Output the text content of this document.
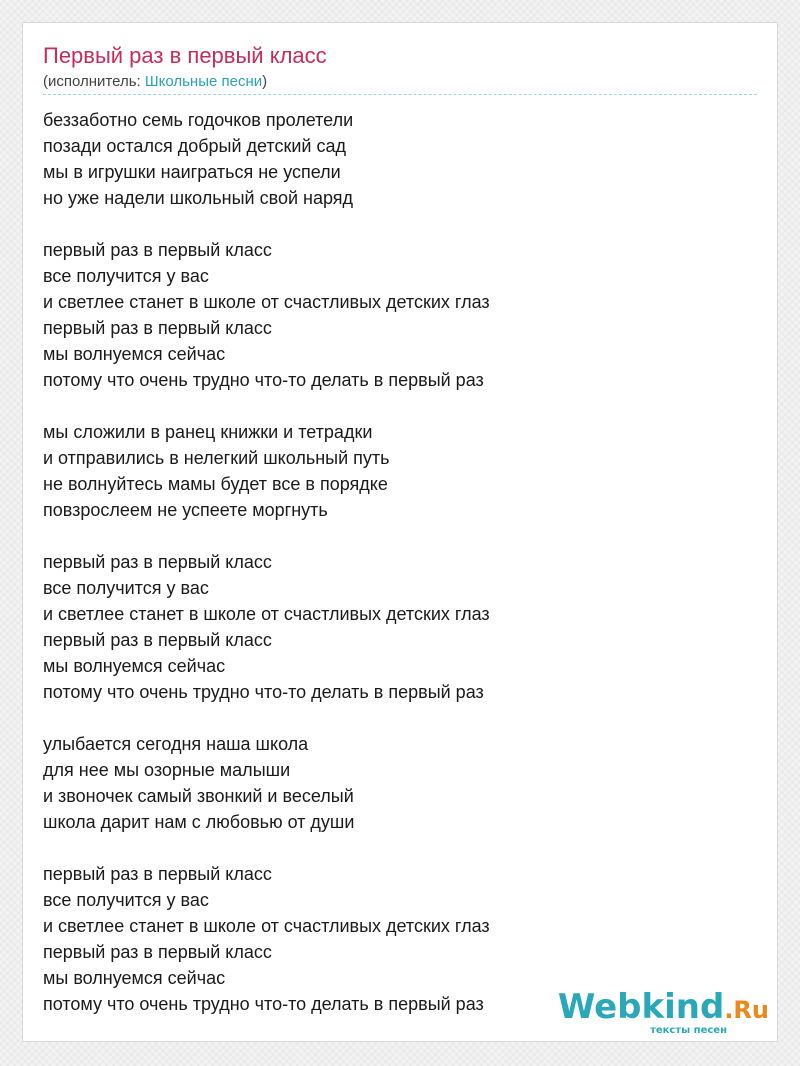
Первый раз в первый класс
(исполнитель: Школьные песни)
беззаботно семь годочков пролетели
позади остался добрый детский сад
мы в игрушки наиграться не успели
но уже надели школьный свой наряд
первый раз в первый класс
все получится у вас
и светлее станет в школе от счастливых детских глаз
первый раз в первый класс
мы волнуемся сейчас
потому что очень трудно что-то делать в первый раз
мы сложили в ранец книжки и тетрадки
и отправились в нелегкий школьный путь
не волнуйтесь мамы будет все в порядке
повзрослеем не успеете моргнуть
первый раз в первый класс
все получится у вас
и светлее станет в школе от счастливых детских глаз
первый раз в первый класс
мы волнуемся сейчас
потому что очень трудно что-то делать в первый раз
улыбается сегодня наша школа
для нее мы озорные малыши
и звоночек самый звонкий и веселый
школа дарит нам с любовью от души
первый раз в первый класс
все получится у вас
и светлее станет в школе от счастливых детских глаз
первый раз в первый класс
мы волнуемся сейчас
потому что очень трудно что-то делать в первый раз Webkind.Ru
тексты песен
